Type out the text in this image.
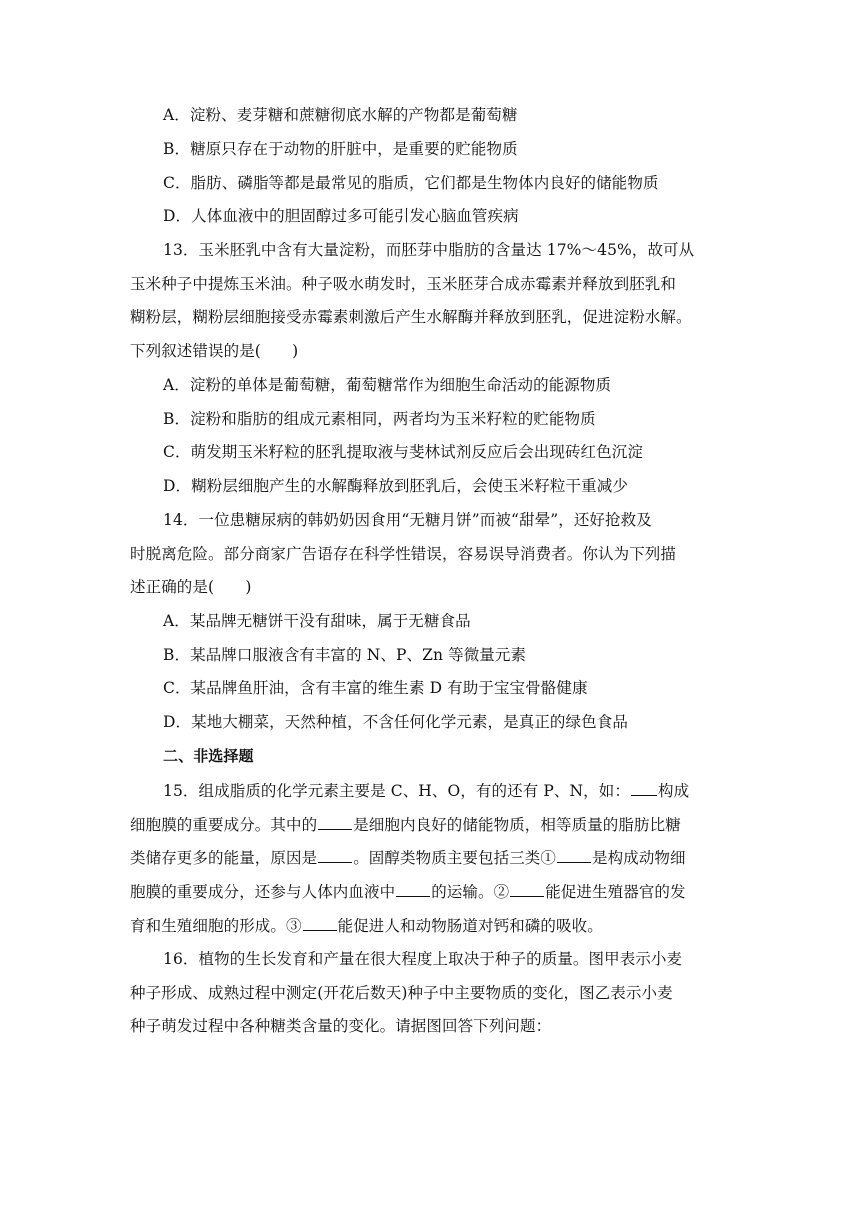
A．淀粉、麦芽糖和蔗糖彻底水解的产物都是葡萄糖
B．糖原只存在于动物的肝脏中，是重要的贮能物质
C．脂肪、磷脂等都是最常见的脂质，它们都是生物体内良好的储能物质
D．人体血液中的胆固醇过多可能引发心脑血管疾病
13．玉米胚乳中含有大量淀粉，而胚芽中脂肪的含量达 17%～45%，故可从
玉米种子中提炼玉米油。种子吸水萌发时，玉米胚芽合成赤霉素并释放到胚乳和
糊粉层，糊粉层细胞接受赤霉素刺激后产生水解酶并释放到胚乳，促进淀粉水解。
下列叙述错误的是(　　)
A．淀粉的单体是葡萄糖，葡萄糖常作为细胞生命活动的能源物质
B．淀粉和脂肪的组成元素相同，两者均为玉米籽粒的贮能物质
C．萌发期玉米籽粒的胚乳提取液与斐林试剂反应后会出现砖红色沉淀
D．糊粉层细胞产生的水解酶释放到胚乳后，会使玉米籽粒干重减少
14．一位患糖尿病的韩奶奶因食用“无糖月饼”而被“甜晕”，还好抢救及
时脱离危险。部分商家广告语存在科学性错误，容易误导消费者。你认为下列描
述正确的是(　　)
A．某品牌无糖饼干没有甜味，属于无糖食品
B．某品牌口服液含有丰富的 N、P、Zn 等微量元素
C．某品牌鱼肝油，含有丰富的维生素 D 有助于宝宝骨骼健康
D．某地大棚菜，天然种植，不含任何化学元素，是真正的绿色食品
二、非选择题
15．组成脂质的化学元素主要是 C、H、O，有的还有 P、N，如： 构成
细胞膜的重要成分。其中的 是细胞内良好的储能物质，相等质量的脂肪比糖
类储存更多的能量，原因是 。固醇类物质主要包括三类① 是构成动物细
胞膜的重要成分，还参与人体内血液中 的运输。② 能促进生殖器官的发
育和生殖细胞的形成。③ 能促进人和动物肠道对钙和磷的吸收。
16．植物的生长发育和产量在很大程度上取决于种子的质量。图甲表示小麦
种子形成、成熟过程中测定(开花后数天)种子中主要物质的变化，图乙表示小麦
种子萌发过程中各种糖类含量的变化。请据图回答下列问题：
